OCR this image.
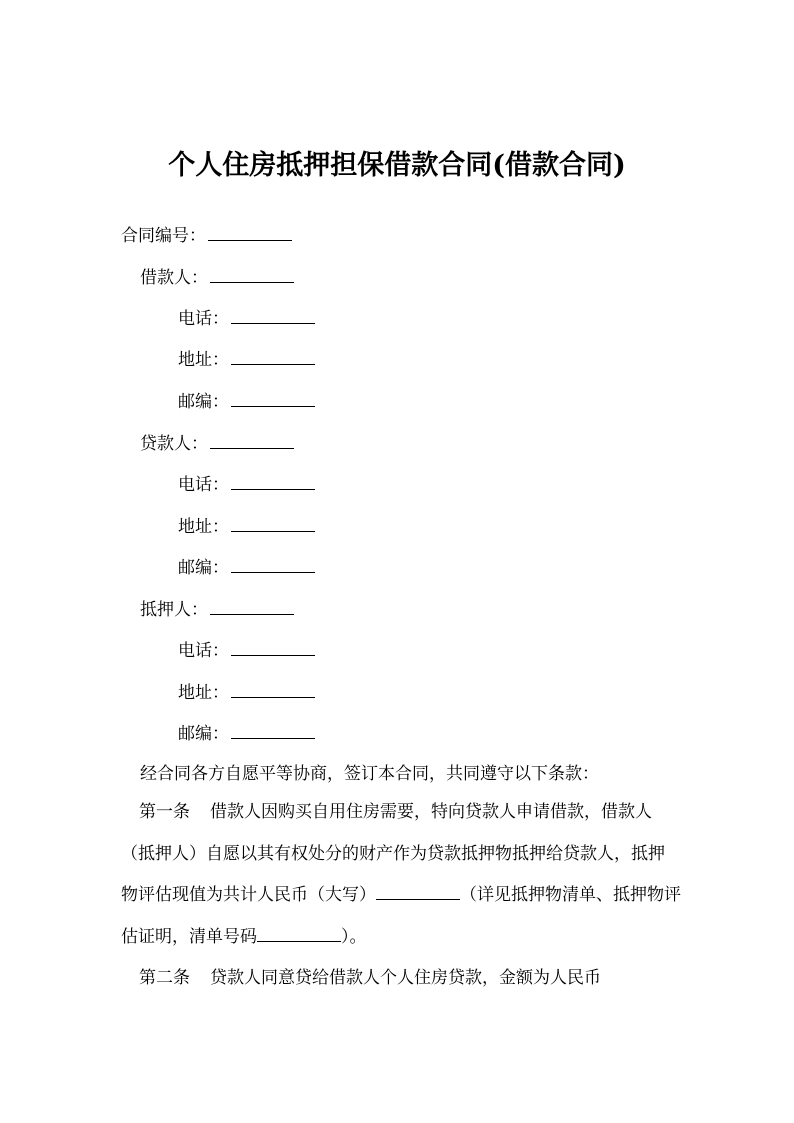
个人住房抵押担保借款合同(借款合同)
合同编号：
借款人：
电话：
地址：
邮编：
贷款人：
电话：
地址：
邮编：
抵押人：
电话：
地址：
邮编：
经合同各方自愿平等协商，签订本合同，共同遵守以下条款：

第一条 借款人因购买自用住房需要，特向贷款人申请借款，借款人（抵押人）自愿以其有权处分的财产作为贷款抵押物抵押给贷款人，抵押物评估现值为共计人民币（大写）	（详见抵押物清单、抵押物评估证明，清单号码	）。

第二条 贷款人同意贷给借款人个人住房贷款，金额为人民币
